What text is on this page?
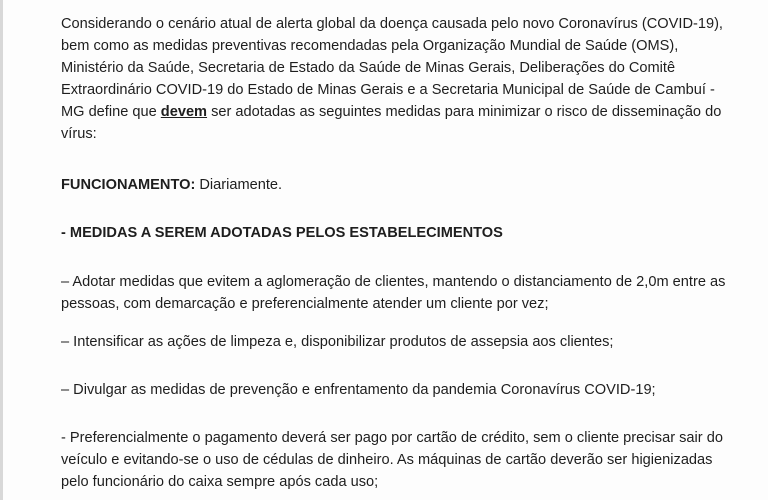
Considerando o cenário atual de alerta global da doença causada pelo novo Coronavírus (COVID-19),
bem como as medidas preventivas recomendadas pela Organização Mundial de Saúde (OMS),
Ministério da Saúde, Secretaria de Estado da Saúde de Minas Gerais, Deliberações do Comitê
Extraordinário COVID-19 do Estado de Minas Gerais e a Secretaria Municipal de Saúde de Cambuí -
MG define que devem ser adotadas as seguintes medidas para minimizar o risco de disseminação do
vírus:
FUNCIONAMENTO: Diariamente.
- MEDIDAS A SEREM ADOTADAS PELOS ESTABELECIMENTOS
– Adotar medidas que evitem a aglomeração de clientes, mantendo o distanciamento de 2,0m entre as
pessoas, com demarcação e preferencialmente atender um cliente por vez;
– Intensificar as ações de limpeza e, disponibilizar produtos de assepsia aos clientes;
– Divulgar as medidas de prevenção e enfrentamento da pandemia Coronavírus COVID-19;
- Preferencialmente o pagamento deverá ser pago por cartão de crédito, sem o cliente precisar sair do
veículo e evitando-se o uso de cédulas de dinheiro. As máquinas de cartão deverão ser higienizadas
pelo funcionário do caixa sempre após cada uso;
